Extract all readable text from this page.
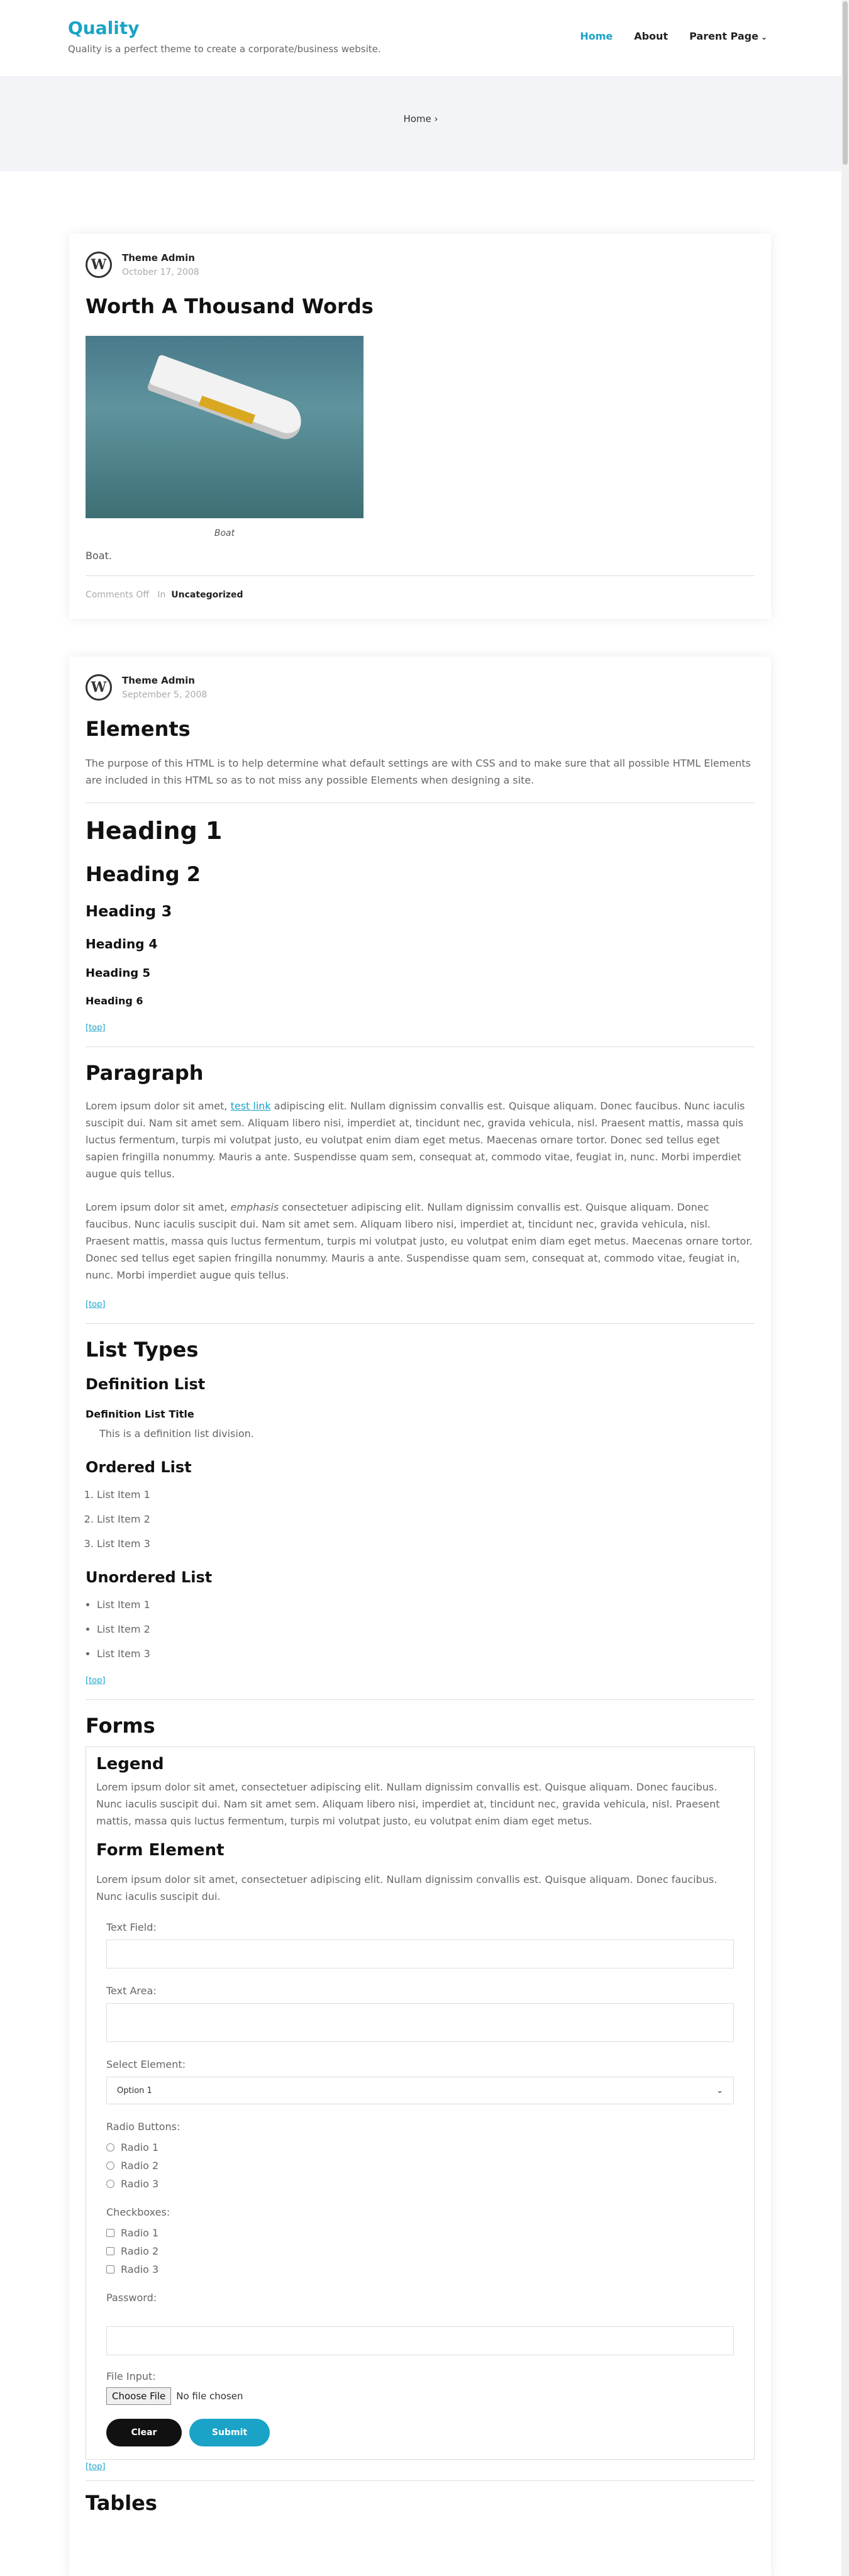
Quality
Quality is a perfect theme to create a corporate/business website.
Home About Parent Page ⌄
Home ›
W	Theme Admin
October 17, 2008
Worth A Thousand Words
Boat
Boat.
Comments Off In Uncategorized
W	Theme Admin
September 5, 2008
Elements
The purpose of this HTML is to help determine what default settings are with CSS and to make sure that all possible HTML Elements are included in this HTML so as to not miss any possible Elements when designing a site.
Heading 1
Heading 2
Heading 3
Heading 4
Heading 5
Heading 6
[top]
Paragraph
Lorem ipsum dolor sit amet, test link adipiscing elit. Nullam dignissim convallis est. Quisque aliquam. Donec faucibus. Nunc iaculis suscipit dui. Nam sit amet sem. Aliquam libero nisi, imperdiet at, tincidunt nec, gravida vehicula, nisl. Praesent mattis, massa quis luctus fermentum, turpis mi volutpat justo, eu volutpat enim diam eget metus. Maecenas ornare tortor. Donec sed tellus eget sapien fringilla nonummy. Mauris a ante. Suspendisse quam sem, consequat at, commodo vitae, feugiat in, nunc. Morbi imperdiet augue quis tellus.
Lorem ipsum dolor sit amet, emphasis consectetuer adipiscing elit. Nullam dignissim convallis est. Quisque aliquam. Donec faucibus. Nunc iaculis suscipit dui. Nam sit amet sem. Aliquam libero nisi, imperdiet at, tincidunt nec, gravida vehicula, nisl. Praesent mattis, massa quis luctus fermentum, turpis mi volutpat justo, eu volutpat enim diam eget metus. Maecenas ornare tortor. Donec sed tellus eget sapien fringilla nonummy. Mauris a ante. Suspendisse quam sem, consequat at, commodo vitae, feugiat in, nunc. Morbi imperdiet augue quis tellus.
[top]
List Types
Definition List
Definition List Title
This is a definition list division.
Ordered List
1. List Item 1
2. List Item 2
3. List Item 3
Unordered List
• List Item 1
• List Item 2
• List Item 3
[top]
Forms
Legend
Lorem ipsum dolor sit amet, consectetuer adipiscing elit. Nullam dignissim convallis est. Quisque aliquam. Donec faucibus. Nunc iaculis suscipit dui. Nam sit amet sem. Aliquam libero nisi, imperdiet at, tincidunt nec, gravida vehicula, nisl. Praesent mattis, massa quis luctus fermentum, turpis mi volutpat justo, eu volutpat enim diam eget metus.
Form Element
Lorem ipsum dolor sit amet, consectetuer adipiscing elit. Nullam dignissim convallis est. Quisque aliquam. Donec faucibus. Nunc iaculis suscipit dui.
Text Field:
Text Area:
Select Element:
Option 1	⌄
Radio Buttons:
Radio 1
Radio 2
Radio 3
Checkboxes:
Radio 1
Radio 2
Radio 3
Password:
File Input:
Choose File	No file chosen
Clear	Submit
[top]
Tables
